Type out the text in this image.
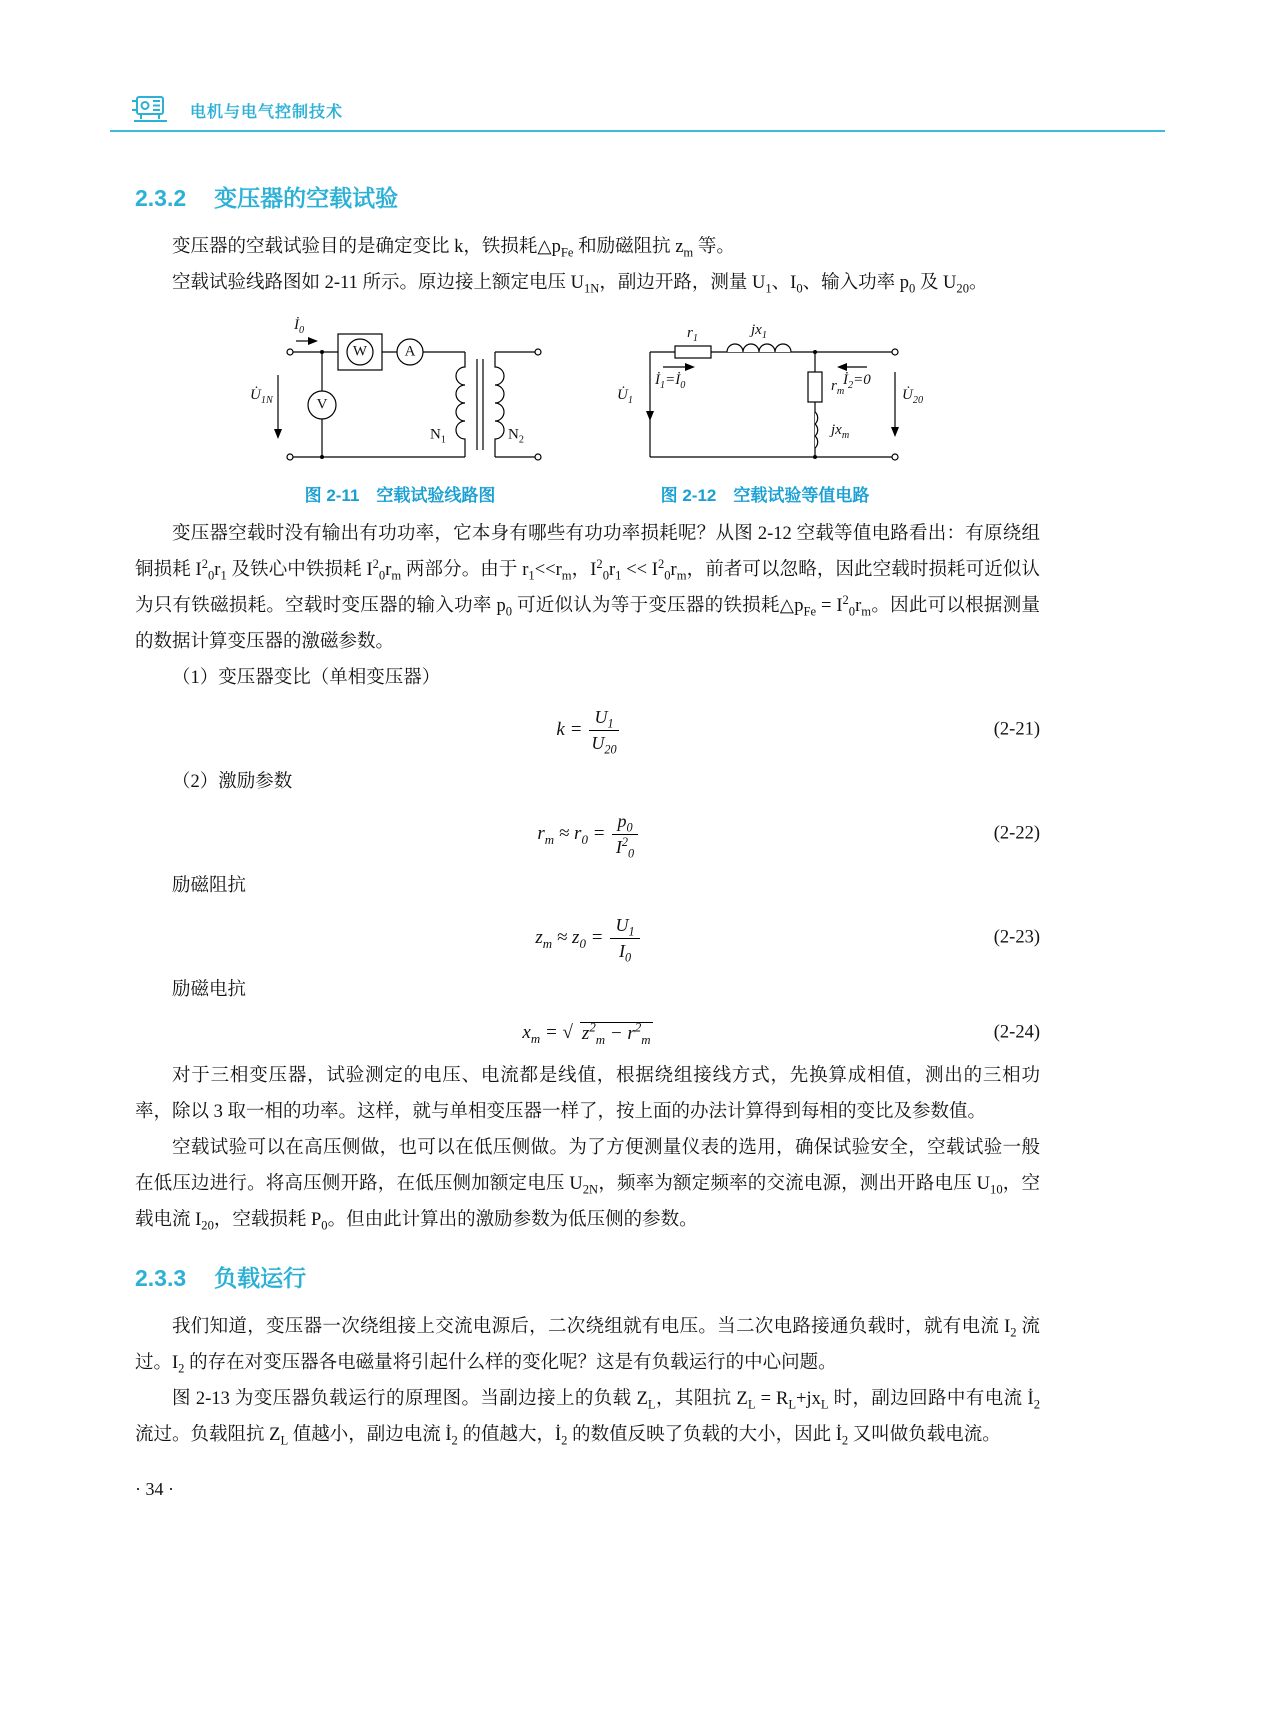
电机与电气控制技术
2.3.2 变压器的空载试验

变压器的空载试验目的是确定变比 k，铁损耗$\triangle p_{Fe}$ 和励磁阻抗 $z_m$ 等。

空载试验线路图如 2-11 所示。原边接上额定电压 $U_{1N}$，副边开路，测量 $U_1$、$I_0$、输入功率 $p_0$ 及 $U_{20}$。

$İ_0$
$U̇_{1N}$
W A
V
$N_1$	$N_2$
图 2-11　空载试验线路图
$r_1$
$jx_1$
$İ_1=İ_0$	$İ_2=0$
$r_m$
$jx_m$
$U̇_1$	$U̇_{20}$
图 2-12　空载试验等值电路

变压器空载时没有输出有功功率，它本身有哪些有功功率损耗呢？从图 2-12 空载等值电路看出：有原绕组铜损耗 $I^2_0r_1$ 及铁心中铁损耗 $I^2_0r_m$ 两部分。由于 $r_1<<r_m$，$I^2_0r_1 << I^2_0r_m$，前者可以忽略，因此空载时损耗可近似认为只有铁磁损耗。空载时变压器的输入功率 $p_0$ 可近似认为等于变压器的铁损耗$\triangle p_{Fe} = I^2_0r_m$。因此可以根据测量的数据计算变压器的激磁参数。

（1）变压器变比（单相变压器）

$k = \frac{U_1}{U_{20}}$	(2-21)

（2）激励参数

$r_m \approx r_0 = \frac{p_0}{I^2_0}$	(2-22)

励磁阻抗

$z_m \approx z_0 = \frac{U_1}{I_0}$	(2-23)

励磁电抗

$x_m$ = √ $z^2_m - r^2_m$	(2-24)

对于三相变压器，试验测定的电压、电流都是线值，根据绕组接线方式，先换算成相值，测出的三相功率，除以 3 取一相的功率。这样，就与单相变压器一样了，按上面的办法计算得到每相的变比及参数值。

空载试验可以在高压侧做，也可以在低压侧做。为了方便测量仪表的选用，确保试验安全，空载试验一般在低压边进行。将高压侧开路，在低压侧加额定电压 $U_{2N}$，频率为额定频率的交流电源，测出开路电压 $U_{10}$，空载电流 $I_{20}$，空载损耗 $P_0$。但由此计算出的激励参数为低压侧的参数。

2.3.3 负载运行

我们知道，变压器一次绕组接上交流电源后，二次绕组就有电压。当二次电路接通负载时，就有电流 $I_2$ 流过。$I_2$ 的存在对变压器各电磁量将引起什么样的变化呢？这是有负载运行的中心问题。

图 2-13 为变压器负载运行的原理图。当副边接上的负载 $Z_L$，其阻抗 $Z_L = R_L+jx_L$ 时，副边回路中有电流 $İ_2$ 流过。负载阻抗 $Z_L$ 值越小，副边电流 $İ_2$ 的值越大，$İ_2$ 的数值反映了负载的大小，因此 $İ_2$ 又叫做负载电流。

· 34 ·
